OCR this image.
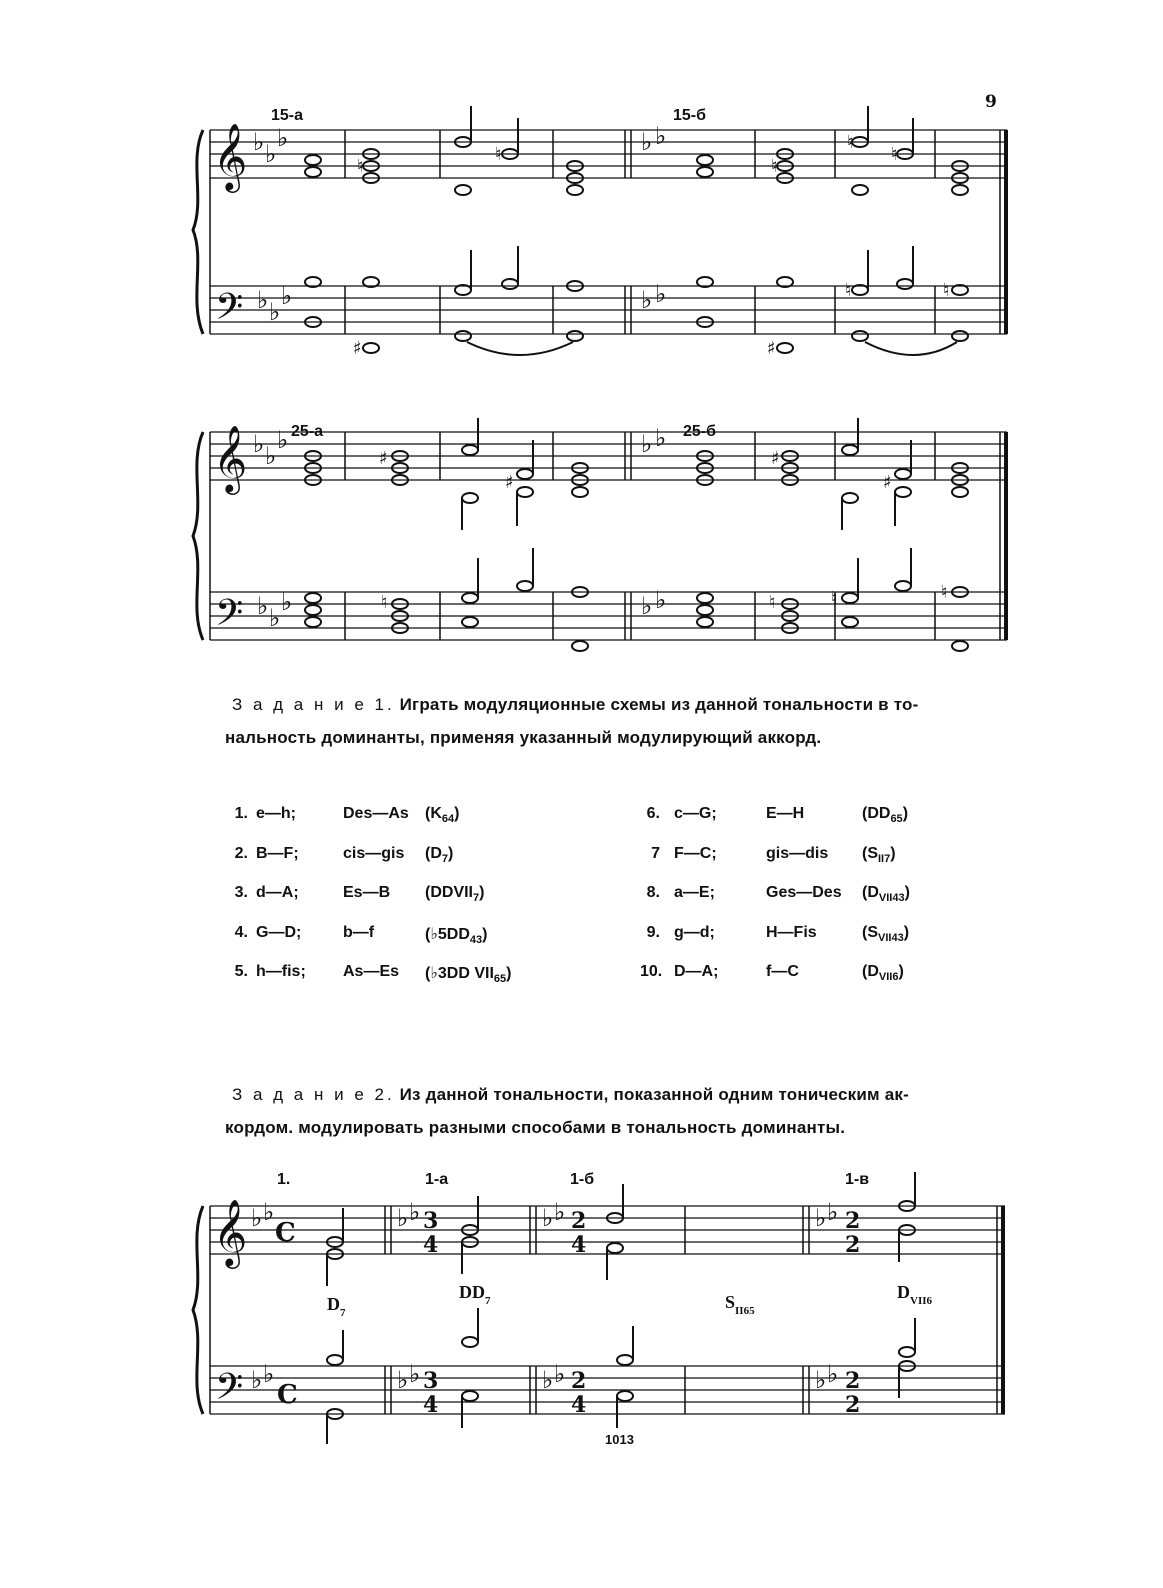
9
𝄞
𝄢
♭ ♭
♭
♭ ♭
♭
♭ ♭
♭ ♭
15-а	15-б
♮
♮
♮
♮
♮
♯	♯
♮	♮
𝄞
𝄢
♭ ♭
♭
♭ ♭
♭
♭ ♭
♭ ♭
25-а	25-б
♯
♯
♯
♯
♮	♮	♮	♮
З а д а н и е 1. Играть модуляционные схемы из данной тональности в то-
нальность доминанты, применяя указанный модулирующий аккорд.
1. e—h;	Des—As $(K_{64})$
2. B—F;	cis—gis $(D_7)$
3. d—A;	Es—B $(DDVII_7)$
4. G—D;	b—f	$(♭5DD_{43})$
5. h—fis; As—Es (♭3DD $VII_{65}$)
6. c—G;	E—H	$(DD_{65})$
7 F—C;	gis—dis $(S_{II7})$
8. a—E;	Ges—Des $(D_{VII43})$
9. g—d;	H—Fis	$(S_{VII43})$
10. D—A;	f—C	$(D_{VII6})$
З а д а н и е 2. Из данной тональности, показанной одним тоническим ак-
кордом. модулировать разными способами в тональность доминанты.
𝄞
𝄢
♭ ♭
♭ ♭
C
C
♭ ♭
♭ ♭
3
4
3
4
♭ ♭
♭ ♭
2
4
2
4
♭ ♭
♭ ♭
2
2
2
2
1.	1-а	1-б	1-в
$D_7$
$DD_7$	$S_{II65}$
$D_{VII6}$
1013
